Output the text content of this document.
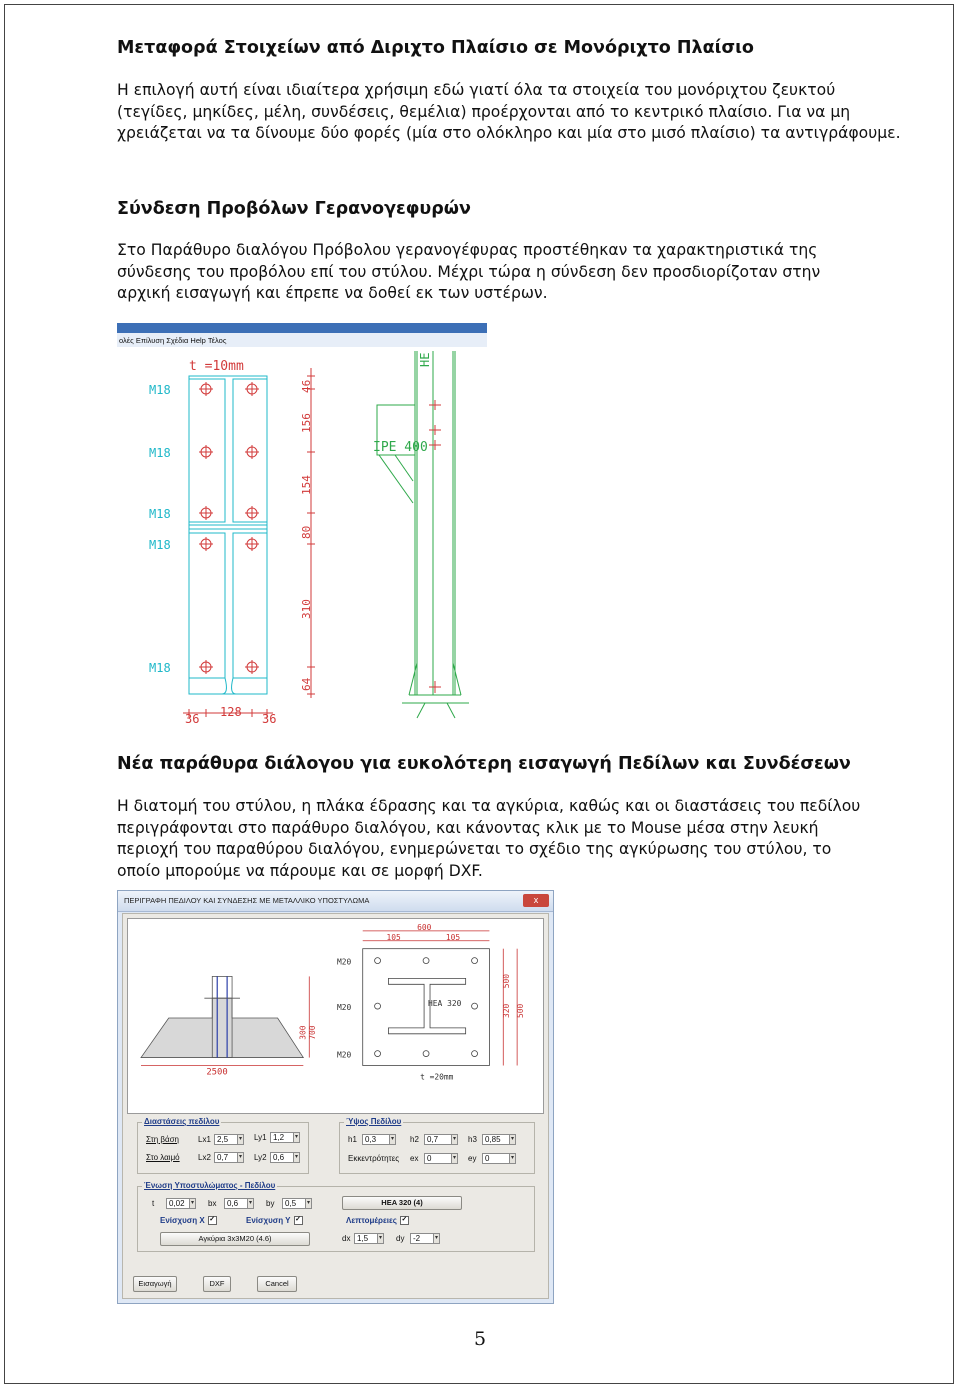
Μεταφορά Στοιχείων από Διριχτο Πλαίσιο σε Μονόριχτο Πλαίσιο
Η επιλογή αυτή είναι ιδιαίτερα χρήσιμη εδώ γιατί όλα τα στοιχεία του μονόριχτου ζευκτού
(τεγίδες, μηκίδες, μέλη, συνδέσεις, θεμέλια) προέρχονται από το κεντρικό πλαίσιο. Για να μη
χρειάζεται να τα δίνουμε δύο φορές (μία στο ολόκληρο και μία στο μισό πλαίσιο) τα αντιγράφουμε.
Σύνδεση Προβόλων Γερανογεφυρών
Στο Παράθυρο διαλόγου Πρόβολου γερανογέφυρας προστέθηκαν τα χαρακτηριστικά της
σύνδεσης του προβόλου επί του στύλου. Μέχρι τώρα η σύνδεση δεν προσδιορίζοταν στην
αρχική εισαγωγή και έπρεπε να δοθεί εκ των υστέρων.
ολές Επίλυση Σχέδια Help Τέλος
t =10mm
M18
M18
M18
M18
M18
46
156
154
80
310
64
36 128 36
IPE 400
HE
Νέα παράθυρα διάλογου για ευκολότερη εισαγωγή Πεδίλων και Συνδέσεων
Η διατομή του στύλου, η πλάκα έδρασης και τα αγκύρια, καθώς και οι διαστάσεις του πεδίλου
περιγράφονται στο παράθυρο διαλόγου, και κάνοντας κλικ με το Mouse μέσα στην λευκή
περιοχή του παραθύρου διαλόγου, ενημερώνεται το σχέδιο της αγκύρωσης του στύλου, το
οποίο μπορούμε να πάρουμε και σε μορφή DXF.
ΠΕΡΙΓΡΑΦΗ ΠΕΔΙΛΟΥ ΚΑΙ ΣΥΝΔΕΣΗΣ ΜΕ ΜΕΤΑΛΛΙΚΟ ΥΠΟΣΤΥΛΩΜΑ	x
2500
300 700
600
105	105
500
320 500
M20
M20
M20
HEA 320
t =20mm
Διαστάσεις πεδίλου
Στη βάση Lx1 2,5	▾ Ly1 1,2	▾
Στο λαιμό Lx2 0,7	▾ Ly2 0,6	▾
Ύψος Πεδίλου
h1	0,3	▾ h2	0,7	▾ h3	0,85	▾
Εκκεντρότητες ex	0	▾ ey	0	▾
Ένωση Υποστυλώματος - Πεδίλου
t	0,02	▾ bx	0,6	▾ by	0,5	▾	HEA 320 (4)
Ενίσχυση Χ ✓	Ενίσχυση Υ ✓	Λεπτομέρειες ✓
Αγκύρια 3x3M20 (4.6)	dx 1,5	▾ dy	-2	▾
Εισαγωγή	DXF	Cancel
5
